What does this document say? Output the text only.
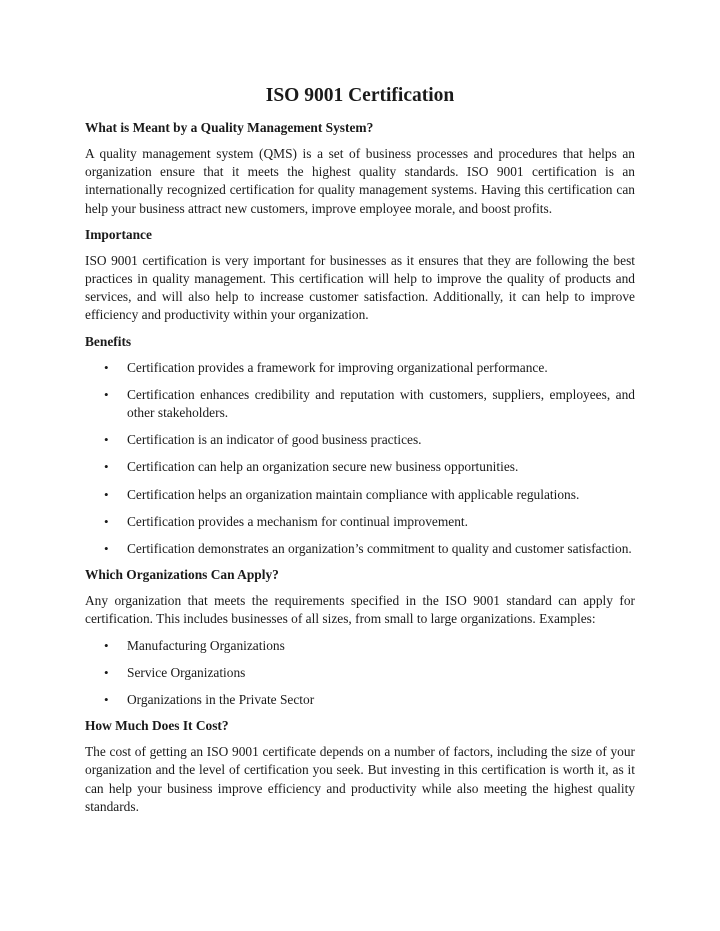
ISO 9001 Certification
What is Meant by a Quality Management System?

A quality management system (QMS) is a set of business processes and procedures that helps an organization ensure that it meets the highest quality standards. ISO 9001 certification is an internationally recognized certification for quality management systems. Having this certification can help your business attract new customers, improve employee morale, and boost profits.

Importance

ISO 9001 certification is very important for businesses as it ensures that they are following the best practices in quality management. This certification will help to improve the quality of products and services, and will also help to increase customer satisfaction. Additionally, it can help to improve efficiency and productivity within your organization.

Benefits
• Certification provides a framework for improving organizational performance.
• Certification enhances credibility and reputation with customers, suppliers, employees, and other stakeholders.
• Certification is an indicator of good business practices.
• Certification can help an organization secure new business opportunities.
• Certification helps an organization maintain compliance with applicable regulations.
• Certification provides a mechanism for continual improvement.
• Certification demonstrates an organization’s commitment to quality and customer satisfaction.
Which Organizations Can Apply?

Any organization that meets the requirements specified in the ISO 9001 standard can apply for certification. This includes businesses of all sizes, from small to large organizations. Examples:

• Manufacturing Organizations
• Service Organizations
• Organizations in the Private Sector
How Much Does It Cost?

The cost of getting an ISO 9001 certificate depends on a number of factors, including the size of your organization and the level of certification you seek. But investing in this certification is worth it, as it can help your business improve efficiency and productivity while also meeting the highest quality standards.
